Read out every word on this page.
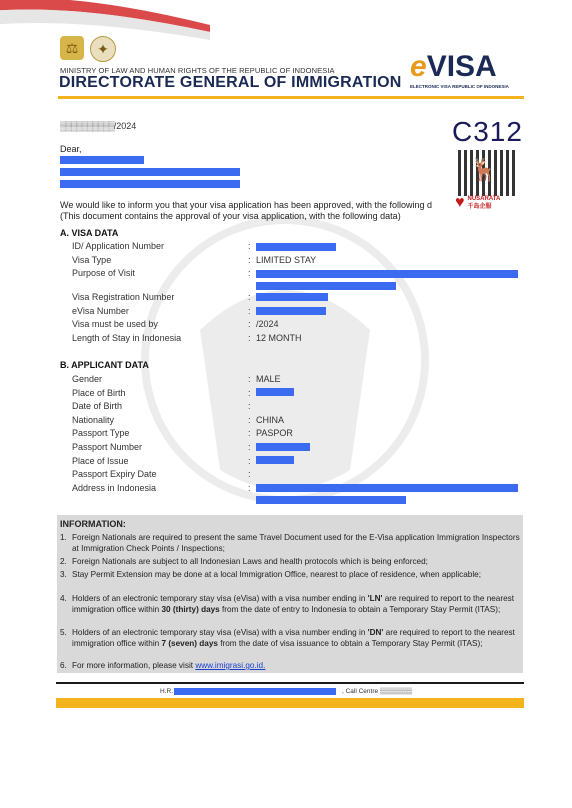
⚖	✦
MINISTRY OF LAW AND HUMAN RIGHTS OF THE REPUBLIC OF INDONESIA
DIRECTORATE GENERAL OF IMMIGRATION eVISA
ELECTRONIC VISA REPUBLIC OF INDONESIA
▒▒▒▒▒▒▒▒▒▒/2024	C312
🦌
♥ NUSARATA
千岛企服
Dear,
We would like to inform you that your visa application has been approved, with the following d
(This document contains the approval of your visa application, with the following data)
A. VISA DATA
ID/ Application Number	:
Visa Type	: LIMITED STAY
Purpose of Visit	:
Visa Registration Number	:
eVisa Number	:
Visa must be used by	: /2024
Length of Stay in Indonesia	: 12 MONTH
B. APPLICANT DATA
Gender	: MALE
Place of Birth	:
Date of Birth	:
Nationality	: CHINA
Passport Type	: PASPOR
Passport Number	:
Place of Issue	:
Passport Expiry Date	:
Address in Indonesia	:
INFORMATION:
1. Foreign Nationals are required to present the same Travel Document used for the E-Visa application Immigration Inspectors at Immigration Check Points / Inspections;
2. Foreign Nationals are subject to all Indonesian Laws and health protocols which is being enforced;
3. Stay Permit Extension may be done at a local Immigration Office, nearest to place of residence, when applicable;
4. Holders of an electronic temporary stay visa (eVisa) with a visa number ending in 'LN' are required to report to the nearest immigration office within 30 (thirty) days from the date of entry to Indonesia to obtain a Temporary Stay Permit (ITAS);
5. Holders of an electronic temporary stay visa (eVisa) with a visa number ending in 'DN' are required to report to the nearest immigration office within 7 (seven) days from the date of visa issuance to obtain a Temporary Stay Permit (ITAS);
6. For more information, please visit www.imigrasi.go.id.
H.R.	, Call Centre ▒▒▒▒▒▒▒
